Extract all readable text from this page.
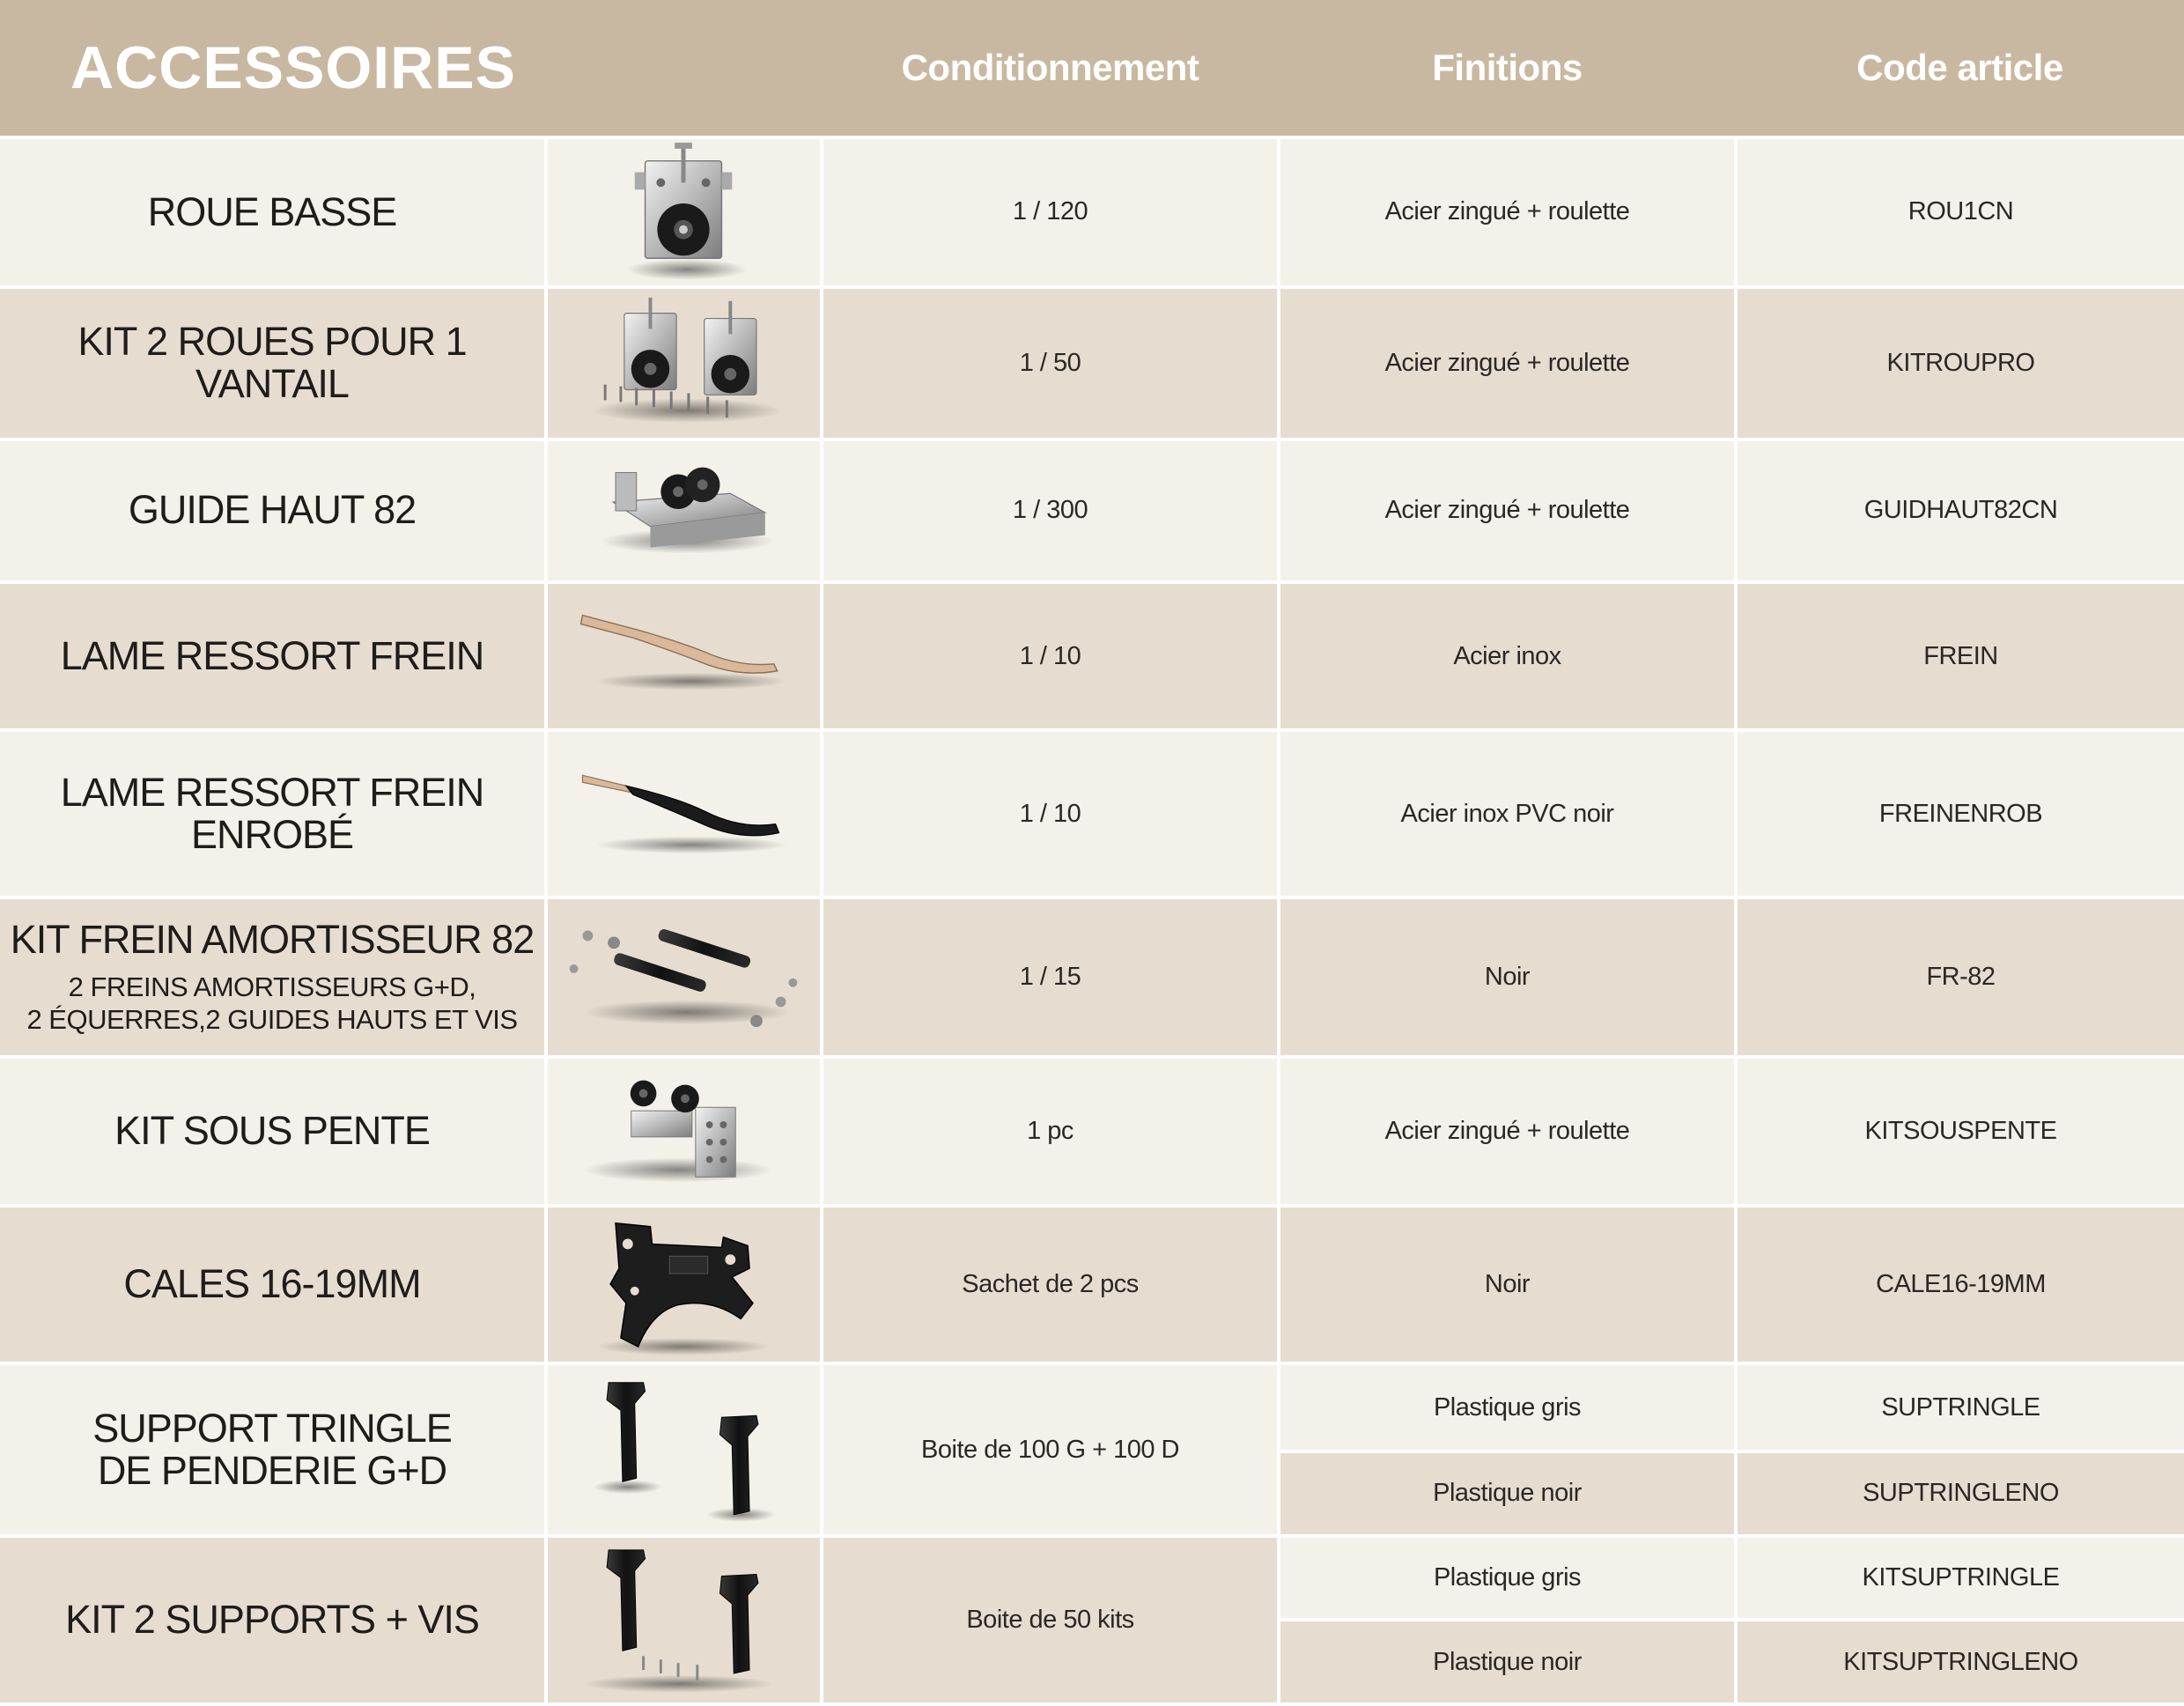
ACCESSOIRES		Conditionnement	Finitions	Code article
ROUE BASSE		1 / 120	Acier zingué + roulette	ROU1CN
KIT 2 ROUES POUR 1 VANTAIL		1 / 50	Acier zingué + roulette	KITROUPRO
GUIDE HAUT 82		1 / 300	Acier zingué + roulette	GUIDHAUT82CN
LAME RESSORT FREIN		1 / 10	Acier inox	FREIN
LAME RESSORT FREIN ENROBÉ		1 / 10	Acier inox PVC noir	FREINENROB

KIT FREIN AMORTISSEUR 82
2 FREINS AMORTISSEURS G+D,
2 ÉQUERRES,2 GUIDES HAUTS ET VIS		1 / 15	Noir	FR-82
KIT SOUS PENTE		1 pc	Acier zingué + roulette	KITSOUSPENTE
CALES 16-19MM		Sachet de 2 pcs	Noir	CALE16-19MM

SUPPORT TRINGLE
DE PENDERIE G+D		Boite de 100 G + 100 D	Plastique gris	SUPTRINGLE
			Plastique noir	SUPTRINGLENO
KIT 2 SUPPORTS + VIS		Boite de 50 kits	Plastique gris	KITSUPTRINGLE
			Plastique noir	KITSUPTRINGLENO
